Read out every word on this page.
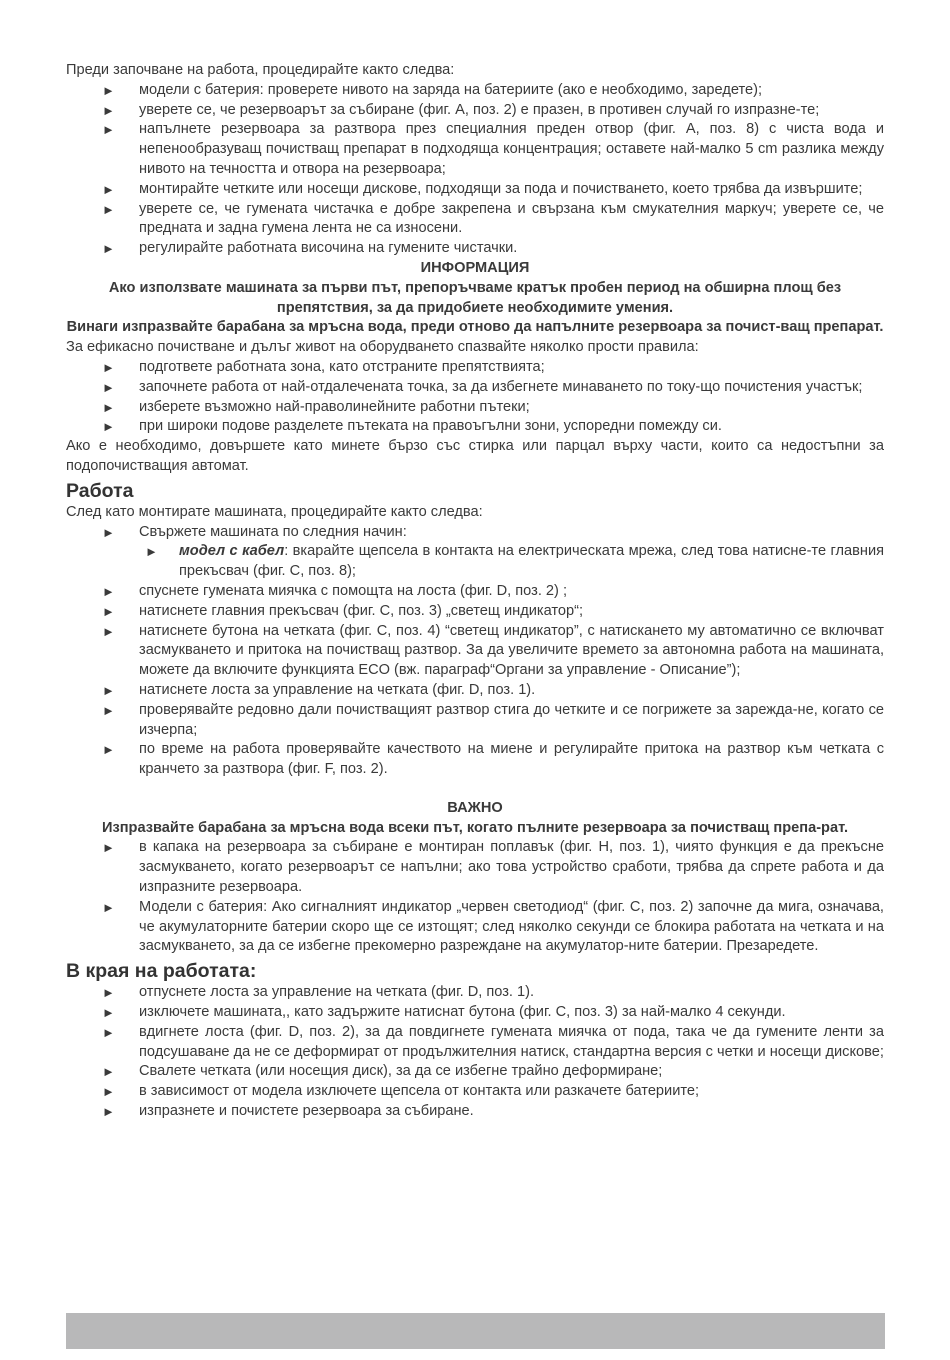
Преди започване на работа, процедирайте както следва:

► модели с батерия: проверете нивото на заряда на батериите (ако е необходимо, заредете);
► уверете се, че резервоарът за събиране (фиг. A, поз. 2) е празен, в противен случай го изпразне-те;
► напълнете резервоара за разтвора през специалния преден отвор (фиг. A, поз. 8) с чиста вода и непенообразуващ почистващ препарат в подходяща концентрация; оставете най-малко 5 cm разлика между нивото на течността и отвора на резервоара;
► монтирайте четките или носещи дискове, подходящи за пода и почистването, което трябва да извършите;
► уверете се, че гумената чистачка е добре закрепена и свързана към смукателния маркуч; уверете се, че предната и задна гумена лента не са износени.
► регулирайте работната височина на гумените чистачки.

ИНФОРМАЦИЯ

Ако използвате машината за първи път, препоръчваме кратък пробен период на обширна площ без препятствия, за да придобиете необходимите умения.

Винаги изпразвайте барабана за мръсна вода, преди отново да напълните резервоара за почист-ващ препарат.

За ефикасно почистване и дълъг живот на оборудването спазвайте няколко прости правила:

► подгответе работната зона, като отстраните препятствията;
► започнете работа от най-отдалечената точка, за да избегнете минаването по току-що почистения участък;
► изберете възможно най-праволинейните работни пътеки;
► при широки подове разделете пътеката на правоъгълни зони, успоредни помежду си.

Ако е необходимо, довършете като минете бързо със стирка или парцал върху части, които са недостъпни за подопочистващия автомат.

Работа

След като монтирате машината, процедирайте както следва:

► Свържете машината по следния начин:
► модел с кабел: вкарайте щепсела в контакта на електрическата мрежа, след това натисне-те главния прекъсвач (фиг. C, поз. 8);
► спуснете гумената миячка с помощта на лоста (фиг. D, поз. 2) ;
► натиснете главния прекъсвач (фиг. C, поз. 3) „светещ индикатор“;
► натиснете бутона на четката (фиг. C, поз. 4) “светещ индикатор”, с натискането му автоматично се включват засмукването и притока на почистващ разтвор. За да увеличите времето за автономна работа на машината, можете да включите функцията ECO (вж. параграф“Органи за управление - Описание”);
► натиснете лоста за управление на четката (фиг. D, поз. 1).
► проверявайте редовно дали почистващият разтвор стига до четките и се погрижете за зарежда-не, когато се изчерпа;
► по време на работа проверявайте качеството на миене и регулирайте притока на разтвор към четката с кранчето за разтвора (фиг. F, поз. 2).

ВАЖНО

Изпразвайте барабана за мръсна вода всеки път, когато пълните резервоара за почистващ препа-рат.

► в капака на резервоара за събиране е монтиран поплавък (фиг. H, поз. 1), чиято функция е да прекъсне засмукването, когато резервоарът се напълни; ако това устройство сработи, трябва да спрете работа и да изпразните резервоара.
► Модели с батерия: Ако сигналният индикатор „червен светодиод“ (фиг. C, поз. 2) започне да мига, означава, че акумулаторните батерии скоро ще се изтощят; след няколко секунди се блокира работата на четката и на засмукването, за да се избегне прекомерно разреждане на акумулатор-ните батерии. Презаредете.

В края на работата:

► отпуснете лоста за управление на четката (фиг. D, поз. 1).
► изключете машината,, като задържите натиснат бутона (фиг. C, поз. 3) за най-малко 4 секунди.
► вдигнете лоста (фиг. D, поз. 2), за да повдигнете гумената миячка от пода, така че да гумените ленти за подсушаване да не се деформират от продължителния натиск, стандартна версия с четки и носещи дискове;
► Свалете четката (или носещия диск), за да се избегне трайно деформиране;
► в зависимост от модела изключете щепсела от контакта или разкачете батериите;
► изпразнете и почистете резервоара за събиране.
